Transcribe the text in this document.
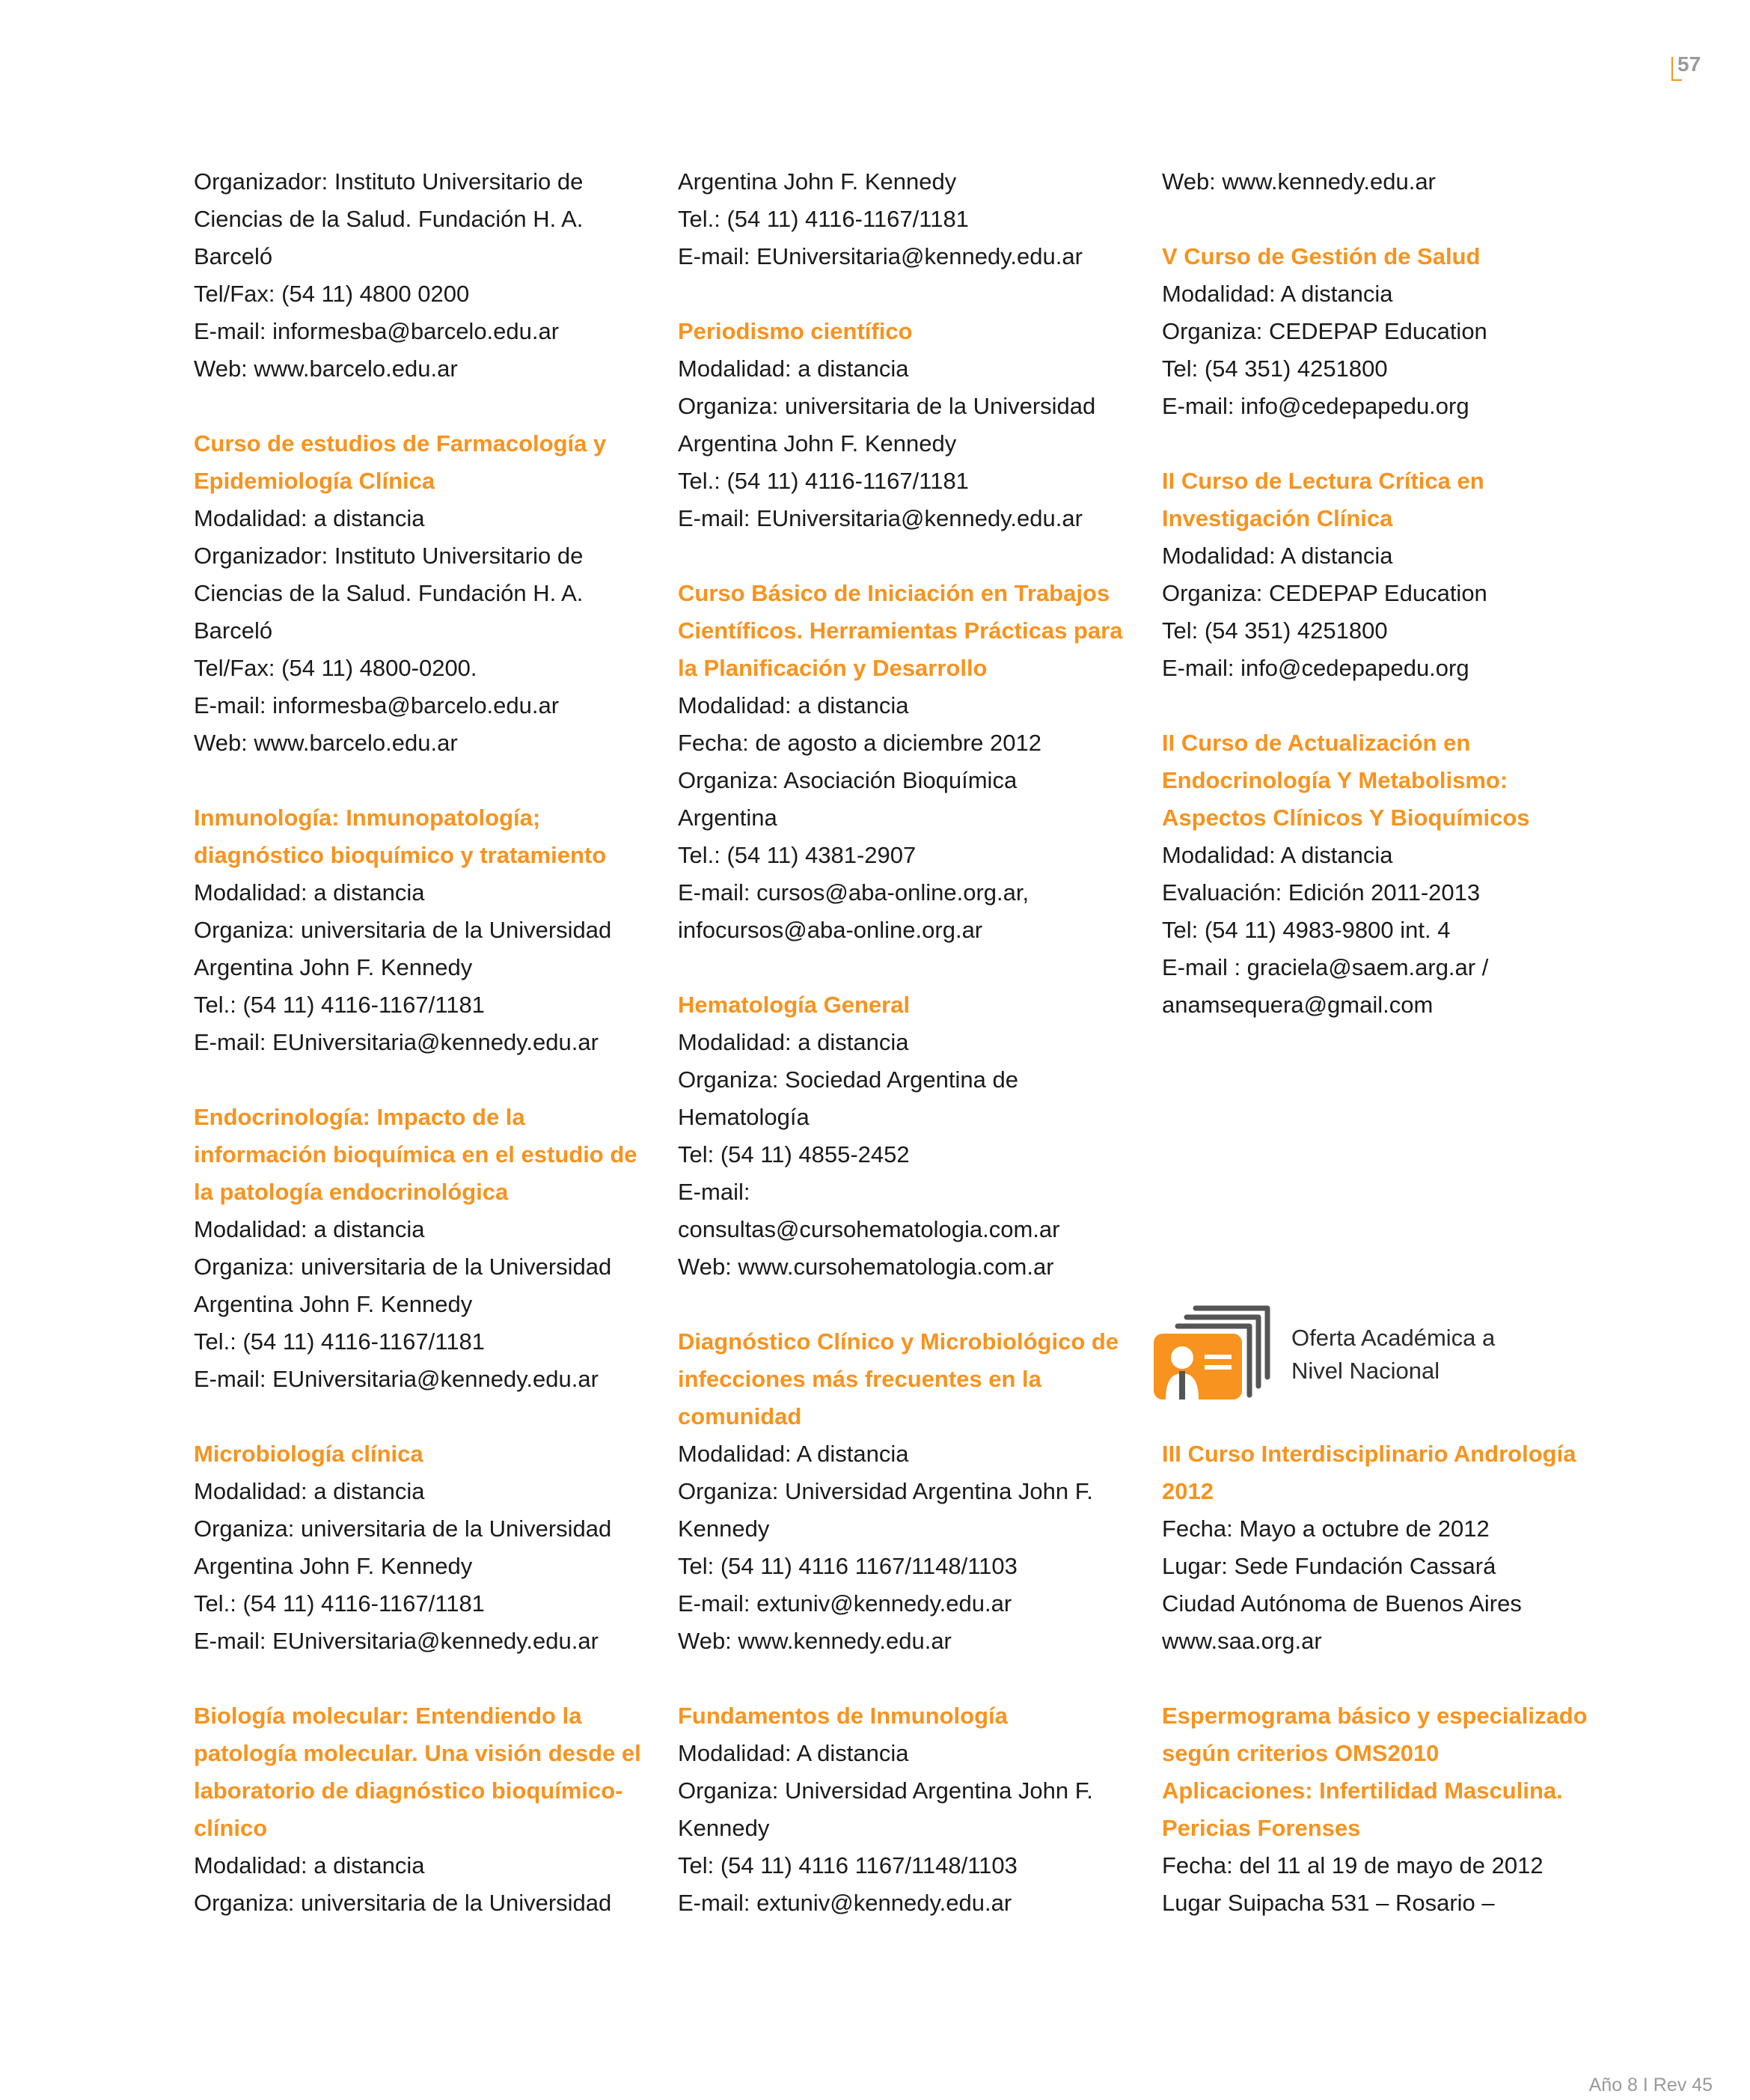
57
Organizador: Instituto Universitario de
Ciencias de la Salud. Fundación H. A.
Barceló
Tel/Fax: (54 11) 4800 0200
E-mail: informesba@barcelo.edu.ar
Web: www.barcelo.edu.ar
Curso de estudios de Farmacología y
Epidemiología Clínica
Modalidad: a distancia
Organizador: Instituto Universitario de
Ciencias de la Salud. Fundación H. A.
Barceló
Tel/Fax: (54 11) 4800-0200.
E-mail: informesba@barcelo.edu.ar
Web: www.barcelo.edu.ar
Inmunología: Inmunopatología;
diagnóstico bioquímico y tratamiento
Modalidad: a distancia
Organiza: universitaria de la Universidad
Argentina John F. Kennedy
Tel.: (54 11) 4116-1167/1181
E-mail: EUniversitaria@kennedy.edu.ar
Endocrinología: Impacto de la
información bioquímica en el estudio de
la patología endocrinológica
Modalidad: a distancia
Organiza: universitaria de la Universidad
Argentina John F. Kennedy
Tel.: (54 11) 4116-1167/1181
E-mail: EUniversitaria@kennedy.edu.ar
Microbiología clínica
Modalidad: a distancia
Organiza: universitaria de la Universidad
Argentina John F. Kennedy
Tel.: (54 11) 4116-1167/1181
E-mail: EUniversitaria@kennedy.edu.ar
Biología molecular: Entendiendo la
patología molecular. Una visión desde el
laboratorio de diagnóstico bioquímico-
clínico
Modalidad: a distancia
Organiza: universitaria de la Universidad
Argentina John F. Kennedy
Tel.: (54 11) 4116-1167/1181
E-mail: EUniversitaria@kennedy.edu.ar
Periodismo científico
Modalidad: a distancia
Organiza: universitaria de la Universidad
Argentina John F. Kennedy
Tel.: (54 11) 4116-1167/1181
E-mail: EUniversitaria@kennedy.edu.ar
Curso Básico de Iniciación en Trabajos
Científicos. Herramientas Prácticas para
la Planificación y Desarrollo
Modalidad: a distancia
Fecha: de agosto a diciembre 2012
Organiza: Asociación Bioquímica
Argentina
Tel.: (54 11) 4381-2907
E-mail: cursos@aba-online.org.ar,
infocursos@aba-online.org.ar
Hematología General
Modalidad: a distancia
Organiza: Sociedad Argentina de
Hematología
Tel: (54 11) 4855-2452
E-mail:
consultas@cursohematologia.com.ar
Web: www.cursohematologia.com.ar
Diagnóstico Clínico y Microbiológico de
infecciones más frecuentes en la
comunidad
Modalidad: A distancia
Organiza: Universidad Argentina John F.
Kennedy
Tel: (54 11) 4116 1167/1148/1103
E-mail: extuniv@kennedy.edu.ar
Web: www.kennedy.edu.ar
Fundamentos de Inmunología
Modalidad: A distancia
Organiza: Universidad Argentina John F.
Kennedy
Tel: (54 11) 4116 1167/1148/1103
E-mail: extuniv@kennedy.edu.ar
Web: www.kennedy.edu.ar
V Curso de Gestión de Salud
Modalidad: A distancia
Organiza: CEDEPAP Education
Tel: (54 351) 4251800
E-mail: info@cedepapedu.org
II Curso de Lectura Crítica en
Investigación Clínica
Modalidad: A distancia
Organiza: CEDEPAP Education
Tel: (54 351) 4251800
E-mail: info@cedepapedu.org
II Curso de Actualización en
Endocrinología Y Metabolismo:
Aspectos Clínicos Y Bioquímicos
Modalidad: A distancia
Evaluación: Edición 2011-2013
Tel: (54 11) 4983-9800 int. 4
E-mail : graciela@saem.arg.ar /
anamsequera@gmail.com
Oferta Académica a
Nivel Nacional
III Curso Interdisciplinario Andrología
2012
Fecha: Mayo a octubre de 2012
Lugar: Sede Fundación Cassará
Ciudad Autónoma de Buenos Aires
www.saa.org.ar
Espermograma básico y especializado
según criterios OMS2010
Aplicaciones: Infertilidad Masculina.
Pericias Forenses
Fecha: del 11 al 19 de mayo de 2012
Lugar Suipacha 531 – Rosario –
Año 8 I Rev 45
